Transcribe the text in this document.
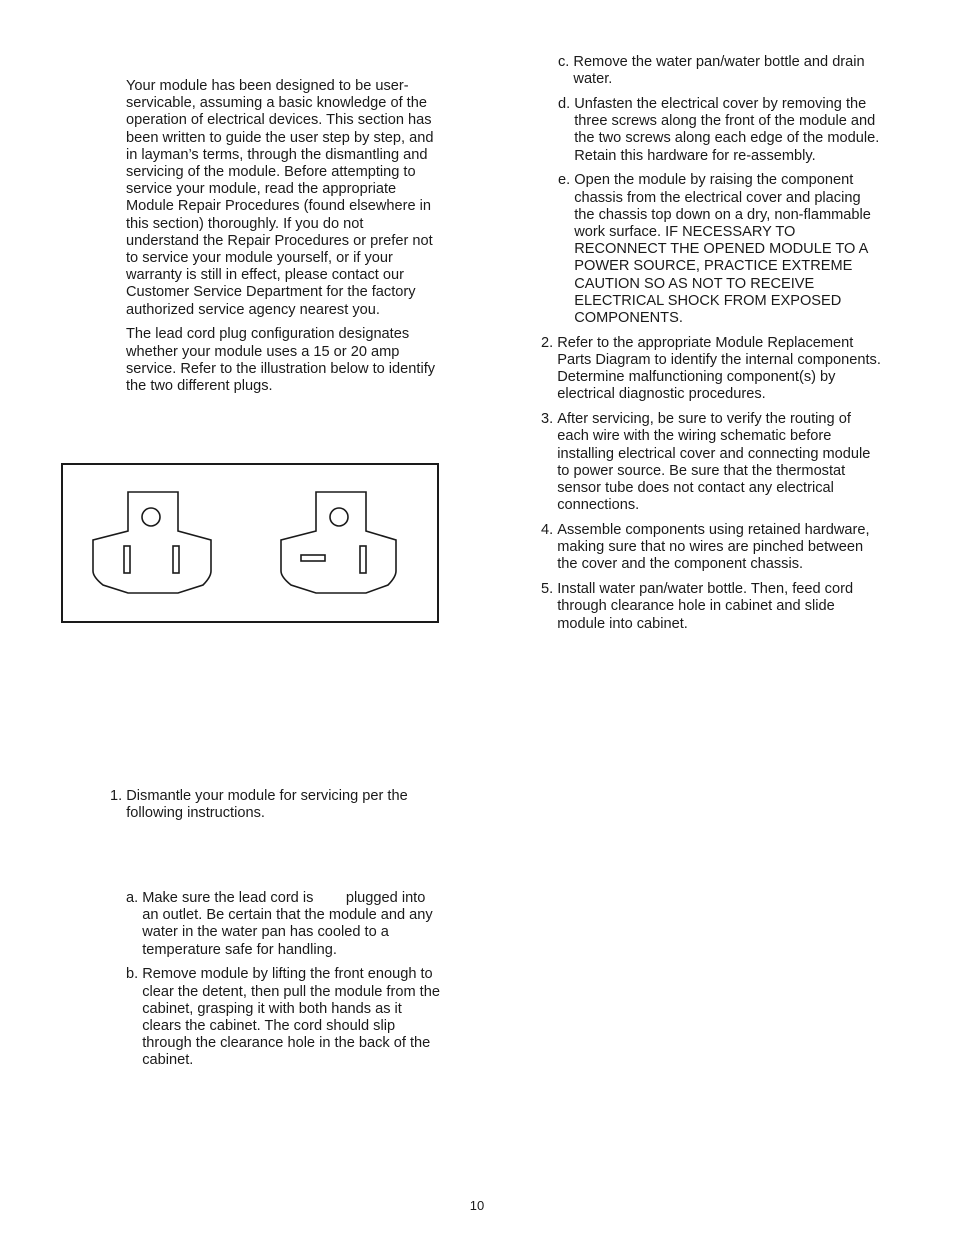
Your module has been designed to be user-servicable, assuming a basic knowledge of the operation of electrical devices. This section has been written to guide the user step by step, and in layman’s terms, through the dismantling and servicing of the module. Before attempting to service your module, read the appropriate Module Repair Procedures (found elsewhere in this section) thoroughly. If you do not understand the Repair Procedures or prefer not to service your module yourself, or if your warranty is still in effect, please contact our Customer Service Department for the factory authorized service agency nearest you.

The lead cord plug configuration designates whether your module uses a 15 or 20 amp service. Refer to the illustration below to identify the two different plugs.

1. Dismantle your module for servicing per the following instructions.
a. Make sure the lead cord is        plugged into an outlet. Be certain that the module and any water in the water pan has cooled to a temperature safe for handling.
b. Remove module by lifting the front enough to clear the detent, then pull the module from the cabinet, grasping it with both hands as it clears the cabinet. The cord should slip through the clearance hole in the back of the cabinet.
c. Remove the water pan/water bottle and drain water.
d. Unfasten the electrical cover by removing the three screws along the front of the module and the two screws along each edge of the module. Retain this hardware for re-assembly.
e. Open the module by raising the component chassis from the electrical cover and placing the chassis top down on a dry, non-flammable work surface. IF NECESSARY TO RECONNECT THE OPENED MODULE TO A POWER SOURCE, PRACTICE EXTREME CAUTION SO AS NOT TO RECEIVE ELECTRICAL SHOCK FROM EXPOSED COMPONENTS.
2. Refer to the appropriate Module Replacement Parts Diagram to identify the internal components. Determine malfunctioning component(s) by electrical diagnostic procedures.
3. After servicing, be sure to verify the routing of each wire with the wiring schematic before installing electrical cover and connecting module to power source. Be sure that the thermostat sensor tube does not contact any electrical connections.
4. Assemble components using retained hardware, making sure that no wires are pinched between the cover and the component chassis.
5. Install water pan/water bottle. Then, feed cord through clearance hole in cabinet and slide module into cabinet.
10
